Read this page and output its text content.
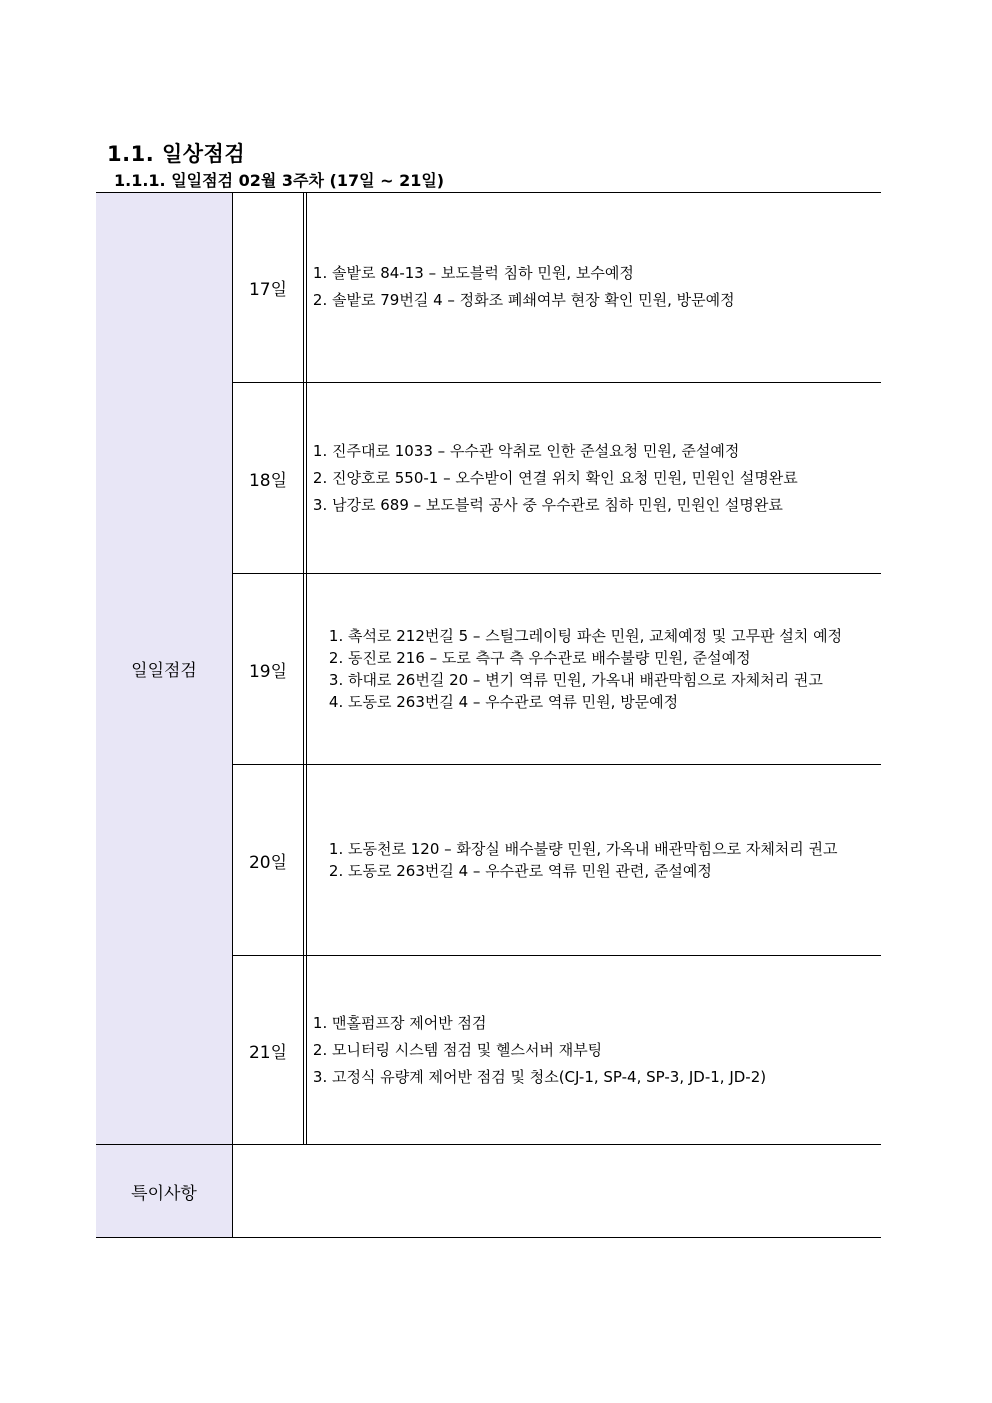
1.1. 일상점검
1.1.1. 일일점검 02월 3주차 (17일 ~ 21일)
일일점검
특이사항
17일
1. 솔밭로 84-13 – 보도블럭 침하 민원, 보수예정
2. 솔밭로 79번길 4 – 정화조 폐쇄여부 현장 확인 민원, 방문예정
18일
1. 진주대로 1033 – 우수관 악취로 인한 준설요청 민원, 준설예정
2. 진양호로 550-1 – 오수받이 연결 위치 확인 요청 민원, 민원인 설명완료
3. 남강로 689 – 보도블럭 공사 중 우수관로 침하 민원, 민원인 설명완료
19일
1. 촉석로 212번길 5 – 스틸그레이팅 파손 민원, 교체예정 및 고무판 설치 예정
2. 동진로 216 – 도로 측구 측 우수관로 배수불량 민원, 준설예정
3. 하대로 26번길 20 – 변기 역류 민원, 가옥내 배관막힘으로 자체처리 권고
4. 도동로 263번길 4 – 우수관로 역류 민원, 방문예정
20일
1. 도동천로 120 – 화장실 배수불량 민원, 가옥내 배관막힘으로 자체처리 권고
2. 도동로 263번길 4 – 우수관로 역류 민원 관련, 준설예정
21일
1. 맨홀펌프장 제어반 점검
2. 모니터링 시스템 점검 및 헬스서버 재부팅
3. 고정식 유량계 제어반 점검 및 청소(CJ-1, SP-4, SP-3, JD-1, JD-2)
